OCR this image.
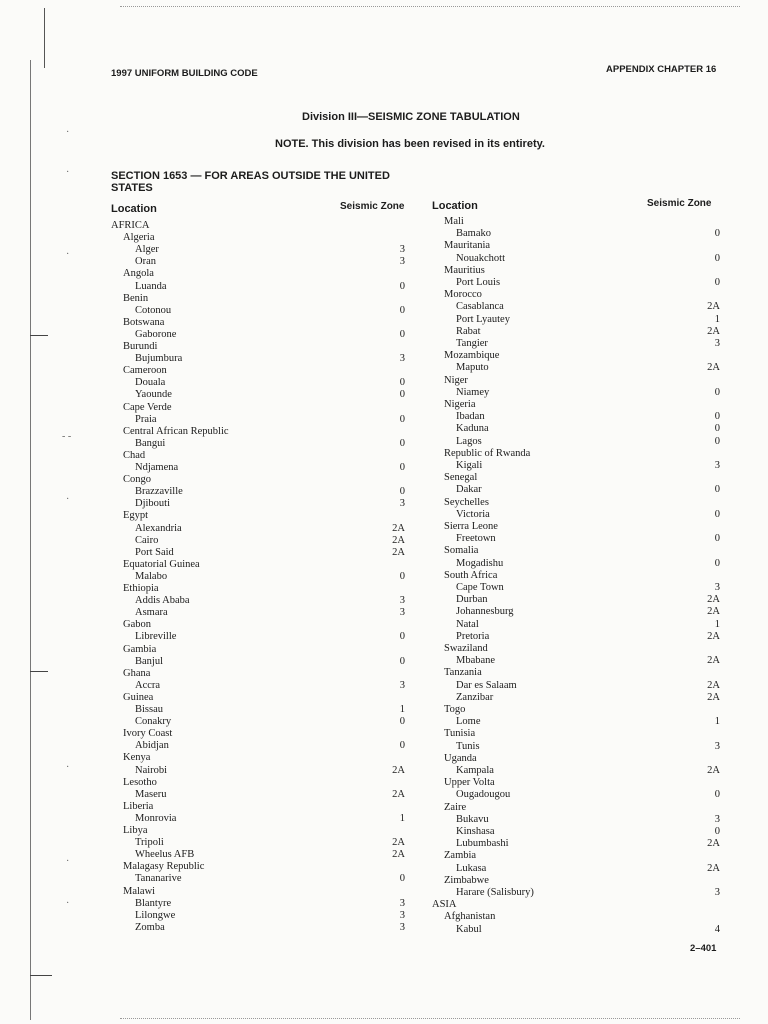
·
·
·
- -
·
·
·
·
1997 UNIFORM BUILDING CODE	APPENDIX CHAPTER 16
Division III—SEISMIC ZONE TABULATION
NOTE. This division has been revised in its entirety.
SECTION 1653 — FOR AREAS OUTSIDE THE UNITED STATES
Location	Seismic Zone	Location	Seismic Zone
AFRICA
Algeria
Alger	3
Oran	3
Angola
Luanda	0
Benin
Cotonou	0
Botswana
Gaborone	0
Burundi
Bujumbura	3
Cameroon
Douala	0
Yaounde	0
Cape Verde
Praia	0
Central African Republic
Bangui	0
Chad
Ndjamena	0
Congo
Brazzaville	0
Djibouti	3
Egypt
Alexandria	2A
Cairo	2A
Port Said	2A
Equatorial Guinea
Malabo	0
Ethiopia
Addis Ababa	3
Asmara	3
Gabon
Libreville	0
Gambia
Banjul	0
Ghana
Accra	3
Guinea
Bissau	1
Conakry	0
Ivory Coast
Abidjan	0
Kenya
Nairobi	2A
Lesotho
Maseru	2A
Liberia
Monrovia	1
Libya
Tripoli	2A
Wheelus AFB	2A
Malagasy Republic
Tananarive	0
Malawi
Blantyre	3
Lilongwe	3
Zomba	3
Mali
Bamako	0
Mauritania
Nouakchott	0
Mauritius
Port Louis	0
Morocco
Casablanca	2A
Port Lyautey	1
Rabat	2A
Tangier	3
Mozambique
Maputo	2A
Niger
Niamey	0
Nigeria
Ibadan	0
Kaduna	0
Lagos	0
Republic of Rwanda
Kigali	3
Senegal
Dakar	0
Seychelles
Victoria	0
Sierra Leone
Freetown	0
Somalia
Mogadishu	0
South Africa
Cape Town	3
Durban	2A
Johannesburg	2A
Natal	1
Pretoria	2A
Swaziland
Mbabane	2A
Tanzania
Dar es Salaam	2A
Zanzibar	2A
Togo
Lome	1
Tunisia
Tunis	3
Uganda
Kampala	2A
Upper Volta
Ougadougou	0
Zaire
Bukavu	3
Kinshasa	0
Lubumbashi	2A
Zambia
Lukasa	2A
Zimbabwe
Harare (Salisbury)	3
ASIA
Afghanistan
Kabul	4
2–401
